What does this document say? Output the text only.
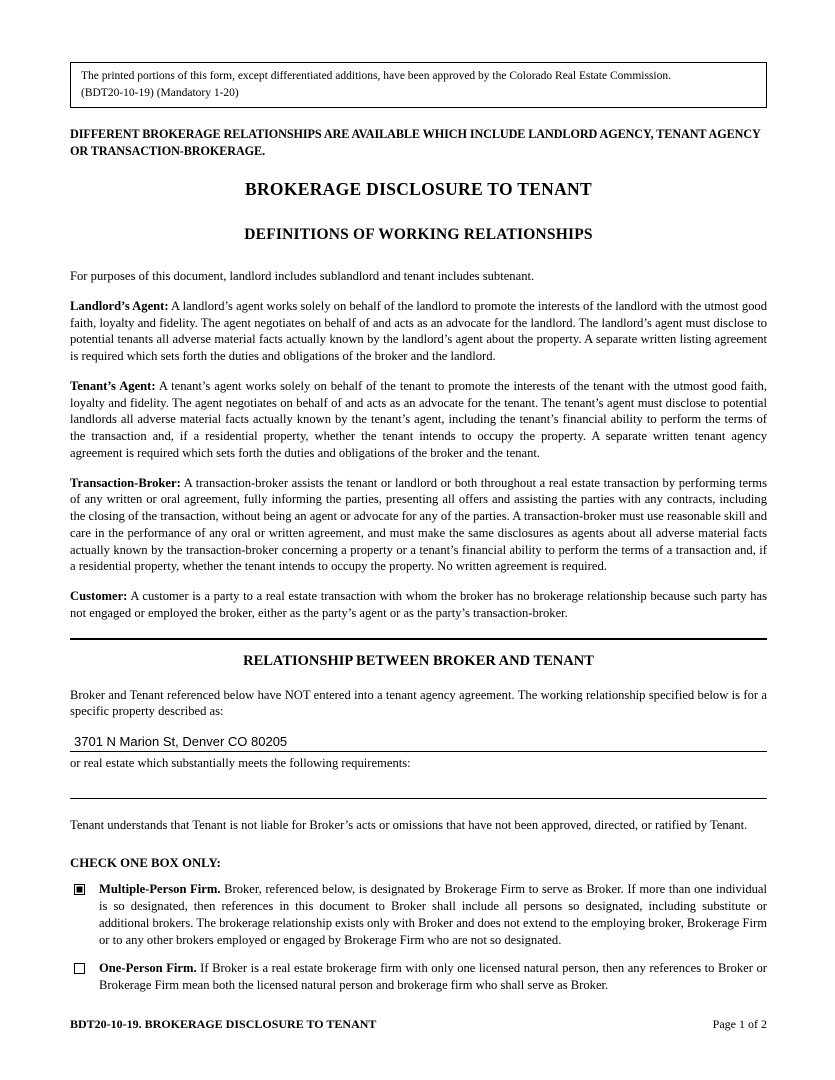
The printed portions of this form, except differentiated additions, have been approved by the Colorado Real Estate Commission.
(BDT20-10-19) (Mandatory 1-20)
DIFFERENT BROKERAGE RELATIONSHIPS ARE AVAILABLE WHICH INCLUDE LANDLORD AGENCY, TENANT AGENCY OR TRANSACTION-BROKERAGE.
BROKERAGE DISCLOSURE TO TENANT
DEFINITIONS OF WORKING RELATIONSHIPS

For purposes of this document, landlord includes sublandlord and tenant includes subtenant.

Landlord’s Agent: A landlord’s agent works solely on behalf of the landlord to promote the interests of the landlord with the utmost good faith, loyalty and fidelity. The agent negotiates on behalf of and acts as an advocate for the landlord. The landlord’s agent must disclose to potential tenants all adverse material facts actually known by the landlord’s agent about the property. A separate written listing agreement is required which sets forth the duties and obligations of the broker and the landlord.

Tenant’s Agent: A tenant’s agent works solely on behalf of the tenant to promote the interests of the tenant with the utmost good faith, loyalty and fidelity. The agent negotiates on behalf of and acts as an advocate for the tenant. The tenant’s agent must disclose to potential landlords all adverse material facts actually known by the tenant’s agent, including the tenant’s financial ability to perform the terms of the transaction and, if a residential property, whether the tenant intends to occupy the property. A separate written tenant agency agreement is required which sets forth the duties and obligations of the broker and the tenant.

Transaction-Broker: A transaction-broker assists the tenant or landlord or both throughout a real estate transaction by performing terms of any written or oral agreement, fully informing the parties, presenting all offers and assisting the parties with any contracts, including the closing of the transaction, without being an agent or advocate for any of the parties. A transaction-broker must use reasonable skill and care in the performance of any oral or written agreement, and must make the same disclosures as agents about all adverse material facts actually known by the transaction-broker concerning a property or a tenant’s financial ability to perform the terms of a transaction and, if a residential property, whether the tenant intends to occupy the property. No written agreement is required.

Customer: A customer is a party to a real estate transaction with whom the broker has no brokerage relationship because such party has not engaged or employed the broker, either as the party’s agent or as the party’s transaction-broker.

RELATIONSHIP BETWEEN BROKER AND TENANT

Broker and Tenant referenced below have NOT entered into a tenant agency agreement. The working relationship specified below is for a specific property described as:

3701 N Marion St, Denver CO 80205

or real estate which substantially meets the following requirements:

Tenant understands that Tenant is not liable for Broker’s acts or omissions that have not been approved, directed, or ratified by Tenant.

CHECK ONE BOX ONLY:

Multiple-Person Firm. Broker, referenced below, is designated by Brokerage Firm to serve as Broker. If more than one individual is so designated, then references in this document to Broker shall include all persons so designated, including substitute or additional brokers. The brokerage relationship exists only with Broker and does not extend to the employing broker, Brokerage Firm or to any other brokers employed or engaged by Brokerage Firm who are not so designated.
One-Person Firm. If Broker is a real estate brokerage firm with only one licensed natural person, then any references to Broker or Brokerage Firm mean both the licensed natural person and brokerage firm who shall serve as Broker.
BDT20-10-19. BROKERAGE DISCLOSURE TO TENANT	Page 1 of 2
